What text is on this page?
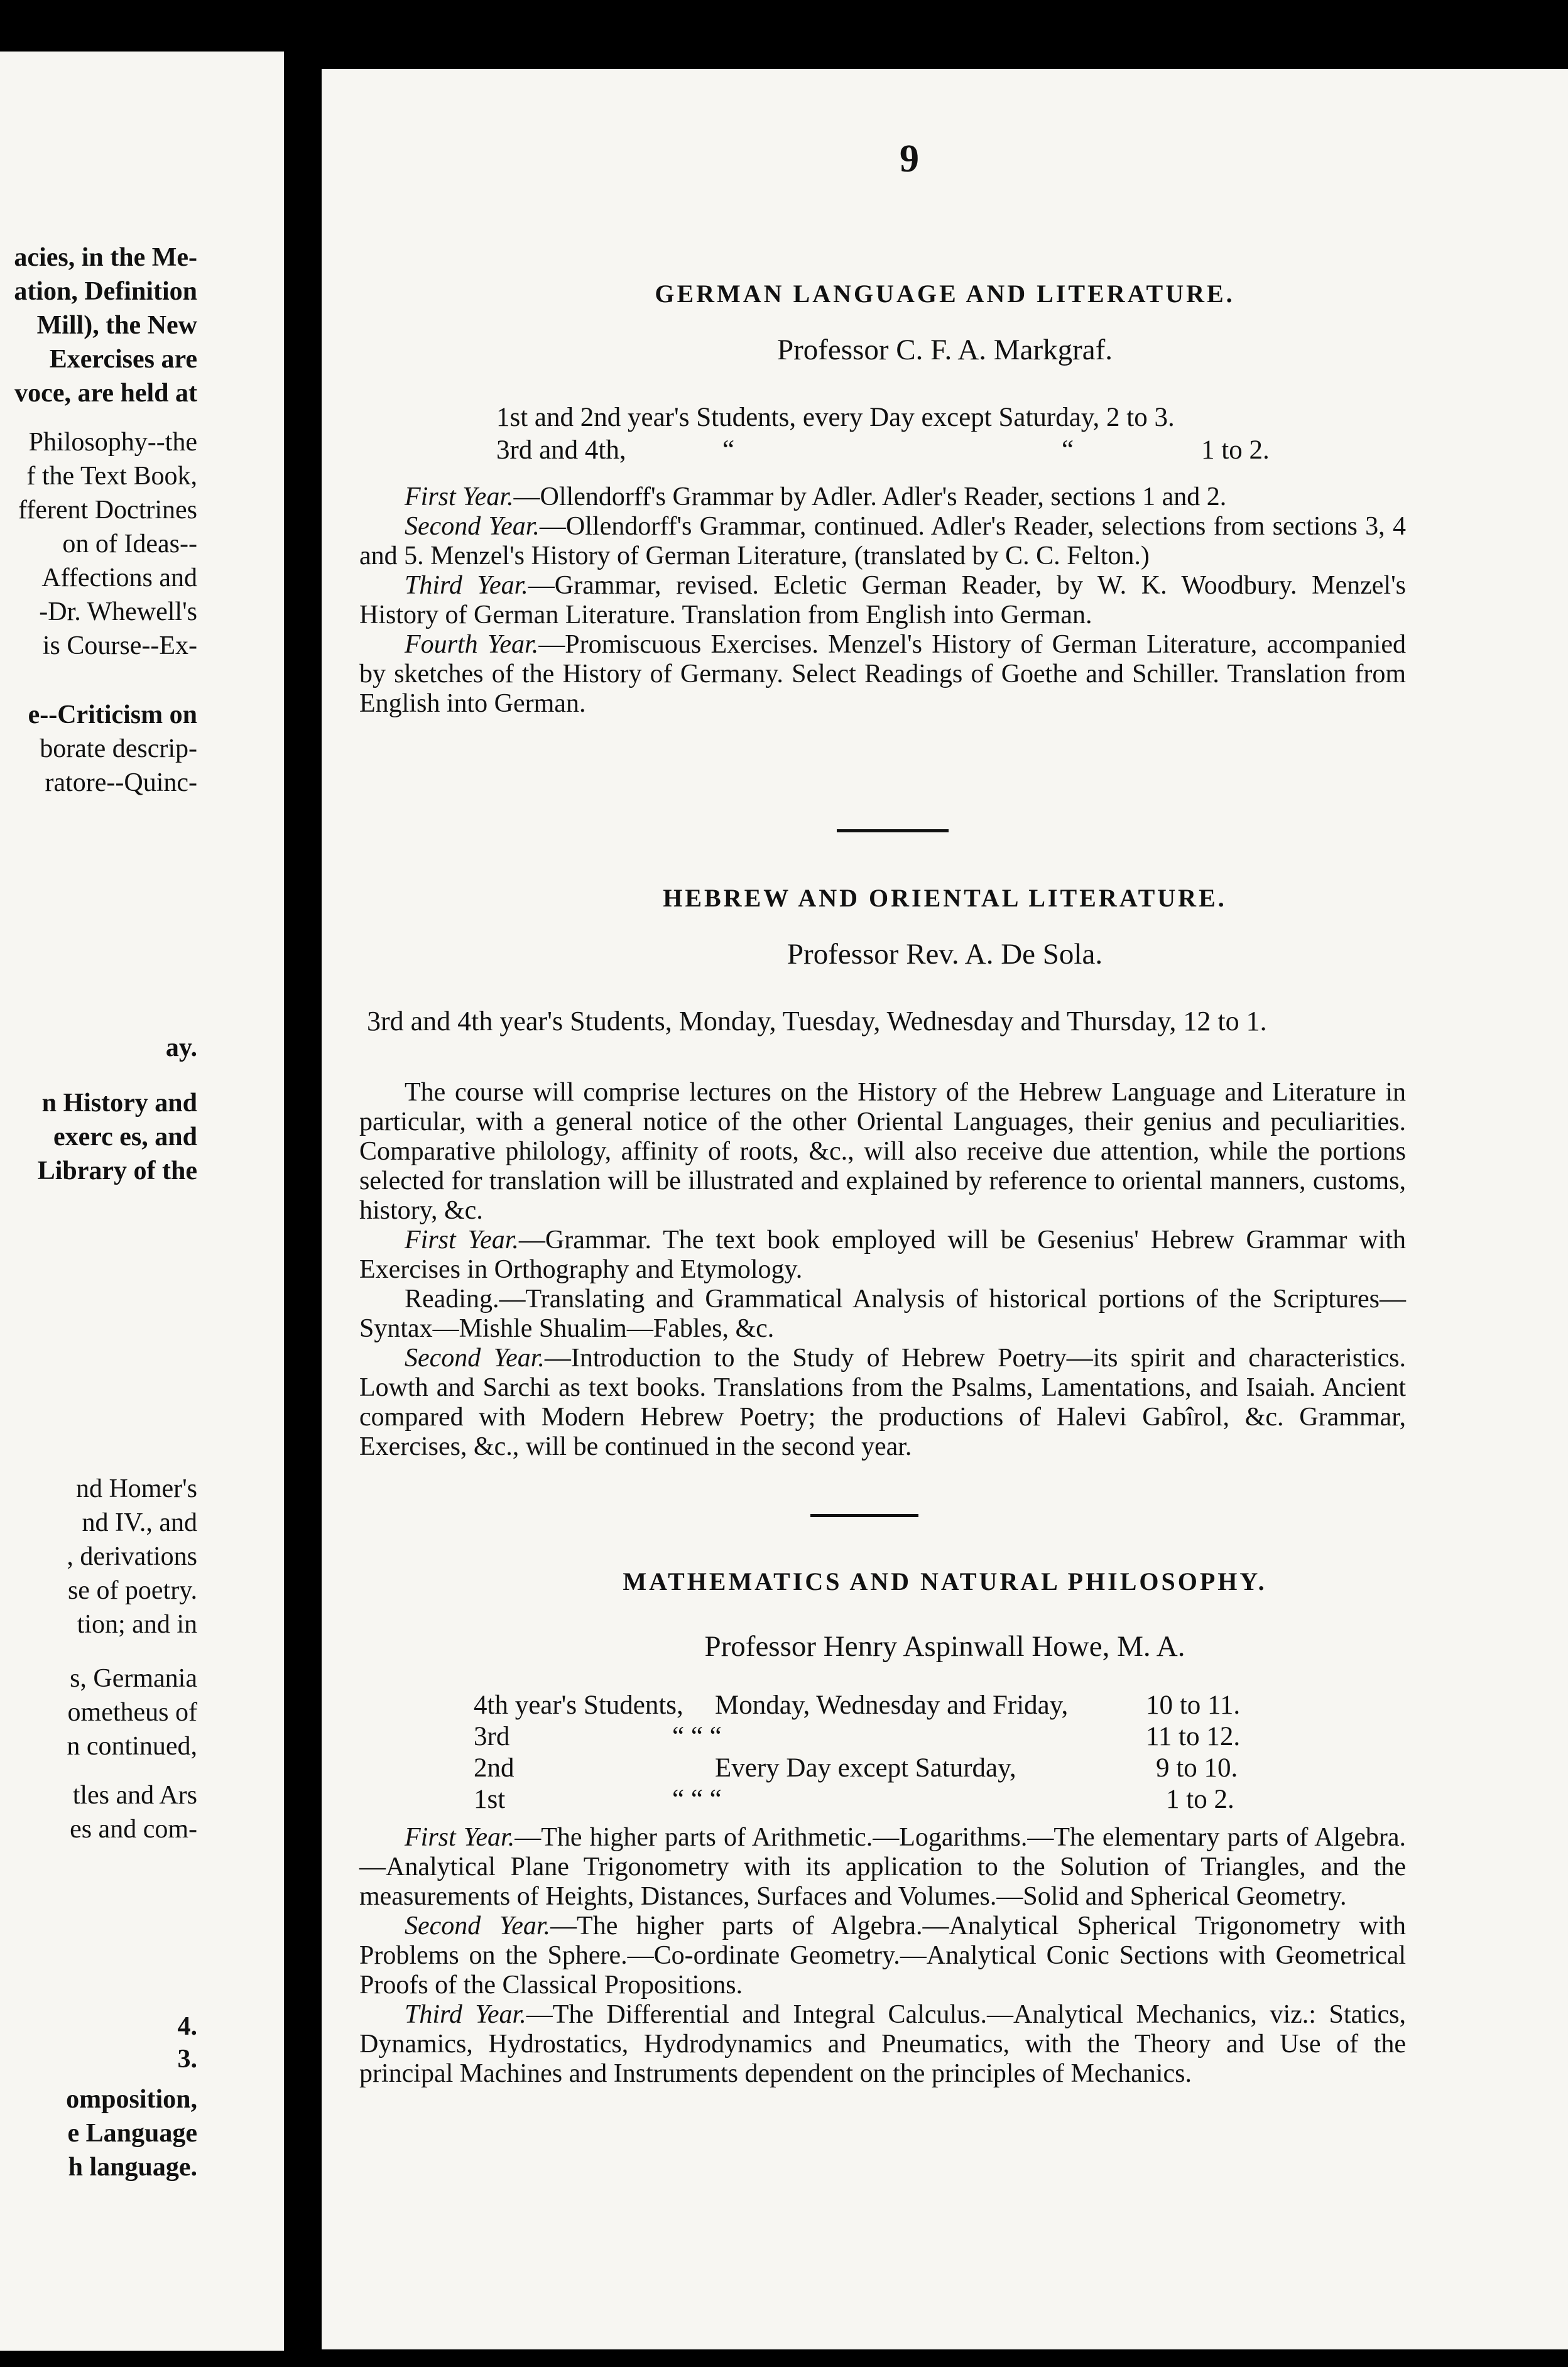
acies, in the Me-
ation, Definition
Mill), the New
Exercises are
voce, are held at
Philosophy--the
f the Text Book,
fferent Doctrines
on of Ideas--
Affections and
-Dr. Whewell's
is Course--Ex-
e--Criticism on
borate descrip-
ratore--Quinc-
ay.
n History and
exerc es, and
Library of the
nd Homer's
nd IV., and
, derivations
se of poetry.
tion; and in
s, Germania
ometheus of
n continued,
tles and Ars
es and com-
4.
3.
omposition,
e Language
h language.
9
GERMAN LANGUAGE AND LITERATURE.
Professor C. F. A. Markgraf.
1st and 2nd year's Students, every Day except Saturday, 2 to 3.
3rd and 4th,	“	“	1 to 2.

First Year.—Ollendorff's Grammar by Adler. Adler's Reader, sections 1 and 2.

Second Year.—Ollendorff's Grammar, continued. Adler's Reader, selections from sections 3, 4 and 5. Menzel's History of German Literature, (translated by C. C. Felton.)

Third Year.—Grammar, revised. Ecletic German Reader, by W. K. Woodbury. Menzel's History of German Literature. Translation from English into German.

Fourth Year.—Promiscuous Exercises. Menzel's History of German Literature, accompanied by sketches of the History of Germany. Select Readings of Goethe and Schiller. Translation from English into German.

HEBREW AND ORIENTAL LITERATURE.
Professor Rev. A. De Sola.
3rd and 4th year's Students, Monday, Tuesday, Wednesday and Thursday, 12 to 1.

The course will comprise lectures on the History of the Hebrew Language and Literature in particular, with a general notice of the other Oriental Languages, their genius and peculiarities. Comparative philology, affinity of roots, &c., will also receive due attention, while the portions selected for translation will be illustrated and explained by reference to oriental manners, customs, history, &c.

First Year.—Grammar. The text book employed will be Gesenius' Hebrew Grammar with Exercises in Orthography and Etymology.

Reading.—Translating and Grammatical Analysis of historical portions of the Scriptures—Syntax—Mishle Shualim—Fables, &c.

Second Year.—Introduction to the Study of Hebrew Poetry—its spirit and characteristics. Lowth and Sarchi as text books. Translations from the Psalms, Lamentations, and Isaiah. Ancient compared with Modern Hebrew Poetry; the productions of Halevi Gabîrol, &c. Grammar, Exercises, &c., will be continued in the second year.

MATHEMATICS AND NATURAL PHILOSOPHY.
Professor Henry Aspinwall Howe, M. A.
4th year's Students, Monday, Wednesday and Friday,	10 to 11.
3rd	“ “ “	11 to 12.
2nd	Every Day except Saturday,	9 to 10.
1st	“ “ “	1 to 2.

First Year.—The higher parts of Arithmetic.—Logarithms.—The elementary parts of Algebra.—Analytical Plane Trigonometry with its application to the Solution of Triangles, and the measurements of Heights, Distances, Surfaces and Volumes.—Solid and Spherical Geometry.

Second Year.—The higher parts of Algebra.—Analytical Spherical Trigonometry with Problems on the Sphere.—Co-ordinate Geometry.—Analytical Conic Sections with Geometrical Proofs of the Classical Propositions.

Third Year.—The Differential and Integral Calculus.—Analytical Mechanics, viz.: Statics, Dynamics, Hydrostatics, Hydrodynamics and Pneumatics, with the Theory and Use of the principal Machines and Instruments dependent on the principles of Mechanics.
